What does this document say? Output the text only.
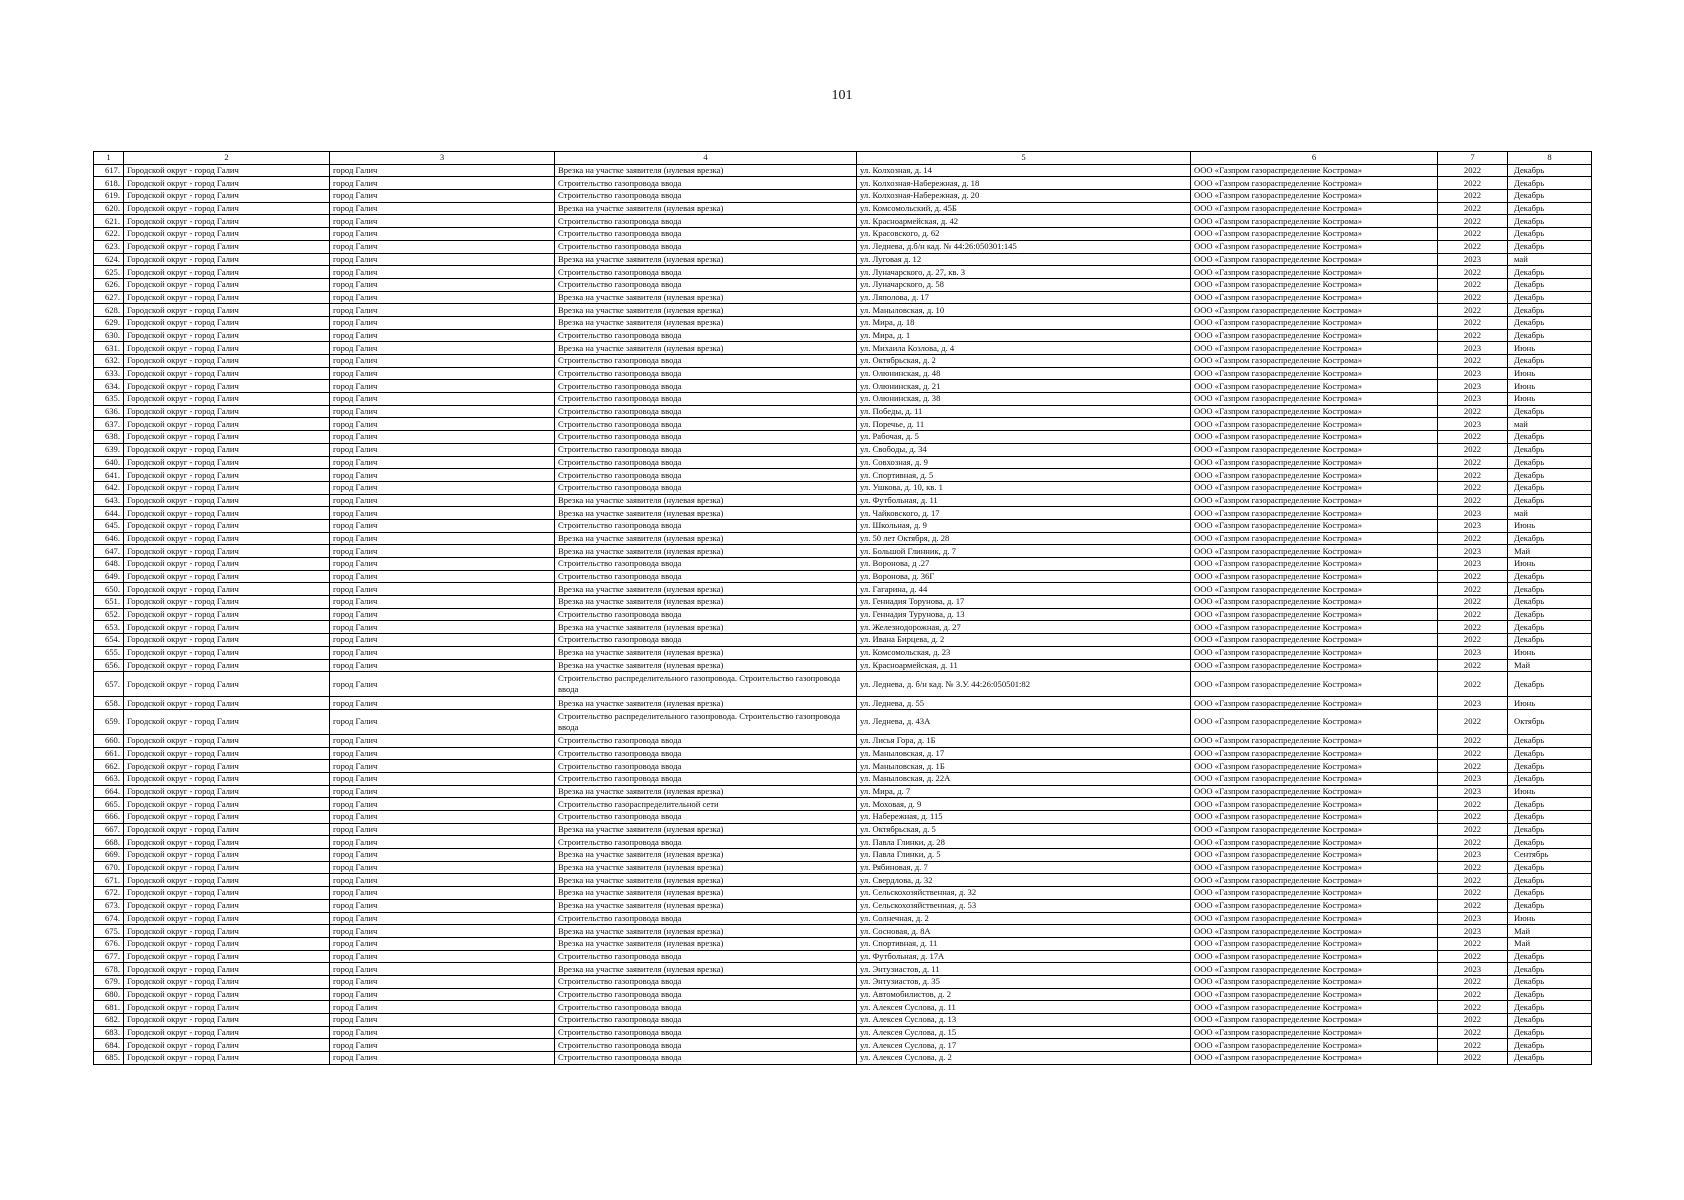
101
1	2	3	4	5	6	7	8
617.	Городской округ - город Галич	город Галич	Врезка на участке заявителя (нулевая врезка)	ул. Колхозная, д. 14	ООО «Газпром газораспределение Кострома»	2022	Декабрь
618.	Городской округ - город Галич	город Галич	Строительство газопровода ввода	ул. Колхозная-Набережная, д. 18	ООО «Газпром газораспределение Кострома»	2022	Декабрь
619.	Городской округ - город Галич	город Галич	Строительство газопровода ввода	ул. Колхозная-Набережная, д. 20	ООО «Газпром газораспределение Кострома»	2022	Декабрь
620.	Городской округ - город Галич	город Галич	Врезка на участке заявителя (нулевая врезка)	ул. Комсомольский, д. 45Б	ООО «Газпром газораспределение Кострома»	2022	Декабрь
621.	Городской округ - город Галич	город Галич	Строительство газопровода ввода	ул. Красноармейская, д. 42	ООО «Газпром газораспределение Кострома»	2022	Декабрь
622.	Городской округ - город Галич	город Галич	Строительство газопровода ввода	ул. Красовского, д. 62	ООО «Газпром газораспределение Кострома»	2022	Декабрь
623.	Городской округ - город Галич	город Галич	Строительство газопровода ввода	ул. Леднева, д.б/н кад. № 44:26:050301:145	ООО «Газпром газораспределение Кострома»	2022	Декабрь
624.	Городской округ - город Галич	город Галич	Врезка на участке заявителя (нулевая врезка)	ул. Луговая д. 12	ООО «Газпром газораспределение Кострома»	2023	май
625.	Городской округ - город Галич	город Галич	Строительство газопровода ввода	ул. Луначарского, д. 27, кв. 3	ООО «Газпром газораспределение Кострома»	2022	Декабрь
626.	Городской округ - город Галич	город Галич	Строительство газопровода ввода	ул. Луначарского, д. 58	ООО «Газпром газораспределение Кострома»	2022	Декабрь
627.	Городской округ - город Галич	город Галич	Врезка на участке заявителя (нулевая врезка)	ул. Ляполова, д. 17	ООО «Газпром газораспределение Кострома»	2022	Декабрь
628.	Городской округ - город Галич	город Галич	Врезка на участке заявителя (нулевая врезка)	ул. Маныловская, д. 10	ООО «Газпром газораспределение Кострома»	2022	Декабрь
629.	Городской округ - город Галич	город Галич	Врезка на участке заявителя (нулевая врезка)	ул. Мира, д. 18	ООО «Газпром газораспределение Кострома»	2022	Декабрь
630.	Городской округ - город Галич	город Галич	Строительство газопровода ввода	ул. Мира, д. 1	ООО «Газпром газораспределение Кострома»	2022	Декабрь
631.	Городской округ - город Галич	город Галич	Врезка на участке заявителя (нулевая врезка)	ул. Михаила Козлова, д. 4	ООО «Газпром газораспределение Кострома»	2023	Июнь
632.	Городской округ - город Галич	город Галич	Строительство газопровода ввода	ул. Октябрьская, д. 2	ООО «Газпром газораспределение Кострома»	2022	Декабрь
633.	Городской округ - город Галич	город Галич	Строительство газопровода ввода	ул. Олюнинская, д. 48	ООО «Газпром газораспределение Кострома»	2023	Июнь
634.	Городской округ - город Галич	город Галич	Строительство газопровода ввода	ул. Олюнинская, д. 21	ООО «Газпром газораспределение Кострома»	2023	Июнь
635.	Городской округ - город Галич	город Галич	Строительство газопровода ввода	ул. Олюнинская, д. 38	ООО «Газпром газораспределение Кострома»	2023	Июнь
636.	Городской округ - город Галич	город Галич	Строительство газопровода ввода	ул. Победы, д. 11	ООО «Газпром газораспределение Кострома»	2022	Декабрь
637.	Городской округ - город Галич	город Галич	Строительство газопровода ввода	ул. Поречье, д. 11	ООО «Газпром газораспределение Кострома»	2023	май
638.	Городской округ - город Галич	город Галич	Строительство газопровода ввода	ул. Рабочая, д. 5	ООО «Газпром газораспределение Кострома»	2022	Декабрь
639.	Городской округ - город Галич	город Галич	Строительство газопровода ввода	ул. Свободы, д. 34	ООО «Газпром газораспределение Кострома»	2022	Декабрь
640.	Городской округ - город Галич	город Галич	Строительство газопровода ввода	ул. Совхозная, д. 9	ООО «Газпром газораспределение Кострома»	2022	Декабрь
641.	Городской округ - город Галич	город Галич	Строительство газопровода ввода	ул. Спортивная, д. 5	ООО «Газпром газораспределение Кострома»	2022	Декабрь
642.	Городской округ - город Галич	город Галич	Строительство газопровода ввода	ул. Ушкова, д. 10, кв. 1	ООО «Газпром газораспределение Кострома»	2022	Декабрь
643.	Городской округ - город Галич	город Галич	Врезка на участке заявителя (нулевая врезка)	ул. Футбольная, д. 11	ООО «Газпром газораспределение Кострома»	2022	Декабрь
644.	Городской округ - город Галич	город Галич	Врезка на участке заявителя (нулевая врезка)	ул. Чайковского, д. 17	ООО «Газпром газораспределение Кострома»	2023	май
645.	Городской округ - город Галич	город Галич	Строительство газопровода ввода	ул. Школьная, д. 9	ООО «Газпром газораспределение Кострома»	2023	Июнь
646.	Городской округ - город Галич	город Галич	Врезка на участке заявителя (нулевая врезка)	ул. 50 лет Октября, д. 28	ООО «Газпром газораспределение Кострома»	2022	Декабрь
647.	Городской округ - город Галич	город Галич	Врезка на участке заявителя (нулевая врезка)	ул. Большой Глинник, д. 7	ООО «Газпром газораспределение Кострома»	2023	Май
648.	Городской округ - город Галич	город Галич	Строительство газопровода ввода	ул. Воронова, д .27	ООО «Газпром газораспределение Кострома»	2023	Июнь
649.	Городской округ - город Галич	город Галич	Строительство газопровода ввода	ул. Воронова, д. 36Г	ООО «Газпром газораспределение Кострома»	2022	Декабрь
650.	Городской округ - город Галич	город Галич	Врезка на участке заявителя (нулевая врезка)	ул. Гагарина, д. 44	ООО «Газпром газораспределение Кострома»	2022	Декабрь
651.	Городской округ - город Галич	город Галич	Врезка на участке заявителя (нулевая врезка)	ул. Геннадия Торунова, д. 17	ООО «Газпром газораспределение Кострома»	2022	Декабрь
652.	Городской округ - город Галич	город Галич	Строительство газопровода ввода	ул. Геннадия Турунова, д. 13	ООО «Газпром газораспределение Кострома»	2022	Декабрь
653.	Городской округ - город Галич	город Галич	Врезка на участке заявителя (нулевая врезка)	ул. Железнодорожная, д. 27	ООО «Газпром газораспределение Кострома»	2022	Декабрь
654.	Городской округ - город Галич	город Галич	Строительство газопровода ввода	ул. Ивана Бирцева, д. 2	ООО «Газпром газораспределение Кострома»	2022	Декабрь
655.	Городской округ - город Галич	город Галич	Врезка на участке заявителя (нулевая врезка)	ул. Комсомольская, д. 23	ООО «Газпром газораспределение Кострома»	2023	Июнь
656.	Городской округ - город Галич	город Галич	Врезка на участке заявителя (нулевая врезка)	ул. Красноармейская, д. 11	ООО «Газпром газораспределение Кострома»	2022	Май
657.	Городской округ - город Галич	город Галич	Строительство распределительного газопровода. Строительство газопровода ввода	ул. Леднева, д. б/н кад. № З.У. 44:26:050501:82	ООО «Газпром газораспределение Кострома»	2022	Декабрь
658.	Городской округ - город Галич	город Галич	Врезка на участке заявителя (нулевая врезка)	ул. Леднева, д. 55	ООО «Газпром газораспределение Кострома»	2023	Июнь
659.	Городской округ - город Галич	город Галич	Строительство распределительного газопровода. Строительство газопровода ввода	ул. Леднева, д. 43А	ООО «Газпром газораспределение Кострома»	2022	Октябрь
660.	Городской округ - город Галич	город Галич	Строительство газопровода ввода	ул. Лисья Гора, д. 1Б	ООО «Газпром газораспределение Кострома»	2022	Декабрь
661.	Городской округ - город Галич	город Галич	Строительство газопровода ввода	ул. Маныловская, д. 17	ООО «Газпром газораспределение Кострома»	2022	Декабрь
662.	Городской округ - город Галич	город Галич	Строительство газопровода ввода	ул. Маныловская, д. 1Б	ООО «Газпром газораспределение Кострома»	2022	Декабрь
663.	Городской округ - город Галич	город Галич	Строительство газопровода ввода	ул. Маныловская, д. 22А	ООО «Газпром газораспределение Кострома»	2023	Декабрь
664.	Городской округ - город Галич	город Галич	Врезка на участке заявителя (нулевая врезка)	ул. Мира, д. 7	ООО «Газпром газораспределение Кострома»	2023	Июнь
665.	Городской округ - город Галич	город Галич	Строительство газораспределительной сети	ул. Моховая, д. 9	ООО «Газпром газораспределение Кострома»	2022	Декабрь
666.	Городской округ - город Галич	город Галич	Строительство газопровода ввода	ул. Набережная, д. 115	ООО «Газпром газораспределение Кострома»	2022	Декабрь
667.	Городской округ - город Галич	город Галич	Врезка на участке заявителя (нулевая врезка)	ул. Октябрьская, д. 5	ООО «Газпром газораспределение Кострома»	2022	Декабрь
668.	Городской округ - город Галич	город Галич	Строительство газопровода ввода	ул. Павла Глинки, д. 28	ООО «Газпром газораспределение Кострома»	2022	Декабрь
669.	Городской округ - город Галич	город Галич	Врезка на участке заявителя (нулевая врезка)	ул. Павла Глинки, д. 5	ООО «Газпром газораспределение Кострома»	2023	Сентябрь
670.	Городской округ - город Галич	город Галич	Врезка на участке заявителя (нулевая врезка)	ул. Рябиновая, д. 7	ООО «Газпром газораспределение Кострома»	2022	Декабрь
671.	Городской округ - город Галич	город Галич	Врезка на участке заявителя (нулевая врезка)	ул. Свердлова, д. 32	ООО «Газпром газораспределение Кострома»	2022	Декабрь
672.	Городской округ - город Галич	город Галич	Врезка на участке заявителя (нулевая врезка)	ул. Сельскохозяйственная, д. 32	ООО «Газпром газораспределение Кострома»	2022	Декабрь
673.	Городской округ - город Галич	город Галич	Врезка на участке заявителя (нулевая врезка)	ул. Сельскохозяйственная, д. 53	ООО «Газпром газораспределение Кострома»	2022	Декабрь
674.	Городской округ - город Галич	город Галич	Строительство газопровода ввода	ул. Солнечная, д. 2	ООО «Газпром газораспределение Кострома»	2023	Июнь
675.	Городской округ - город Галич	город Галич	Врезка на участке заявителя (нулевая врезка)	ул. Сосновая, д. 8А	ООО «Газпром газораспределение Кострома»	2023	Май
676.	Городской округ - город Галич	город Галич	Врезка на участке заявителя (нулевая врезка)	ул. Спортивная, д. 11	ООО «Газпром газораспределение Кострома»	2022	Май
677.	Городской округ - город Галич	город Галич	Строительство газопровода ввода	ул. Футбольная, д. 17А	ООО «Газпром газораспределение Кострома»	2022	Декабрь
678.	Городской округ - город Галич	город Галич	Врезка на участке заявителя (нулевая врезка)	ул. Энтузиастов, д. 11	ООО «Газпром газораспределение Кострома»	2023	Декабрь
679.	Городской округ - город Галич	город Галич	Строительство газопровода ввода	ул. Энтузиастов, д. 35	ООО «Газпром газораспределение Кострома»	2022	Декабрь
680.	Городской округ - город Галич	город Галич	Строительство газопровода ввода	ул. Автомобилистов, д. 2	ООО «Газпром газораспределение Кострома»	2022	Декабрь
681.	Городской округ - город Галич	город Галич	Строительство газопровода ввода	ул. Алексея Суслова, д. 11	ООО «Газпром газораспределение Кострома»	2022	Декабрь
682.	Городской округ - город Галич	город Галич	Строительство газопровода ввода	ул. Алексея Суслова, д. 13	ООО «Газпром газораспределение Кострома»	2022	Декабрь
683.	Городской округ - город Галич	город Галич	Строительство газопровода ввода	ул. Алексея Суслова, д. 15	ООО «Газпром газораспределение Кострома»	2022	Декабрь
684.	Городской округ - город Галич	город Галич	Строительство газопровода ввода	ул. Алексея Суслова, д. 17	ООО «Газпром газораспределение Кострома»	2022	Декабрь
685.	Городской округ - город Галич	город Галич	Строительство газопровода ввода	ул. Алексея Суслова, д. 2	ООО «Газпром газораспределение Кострома»	2022	Декабрь
